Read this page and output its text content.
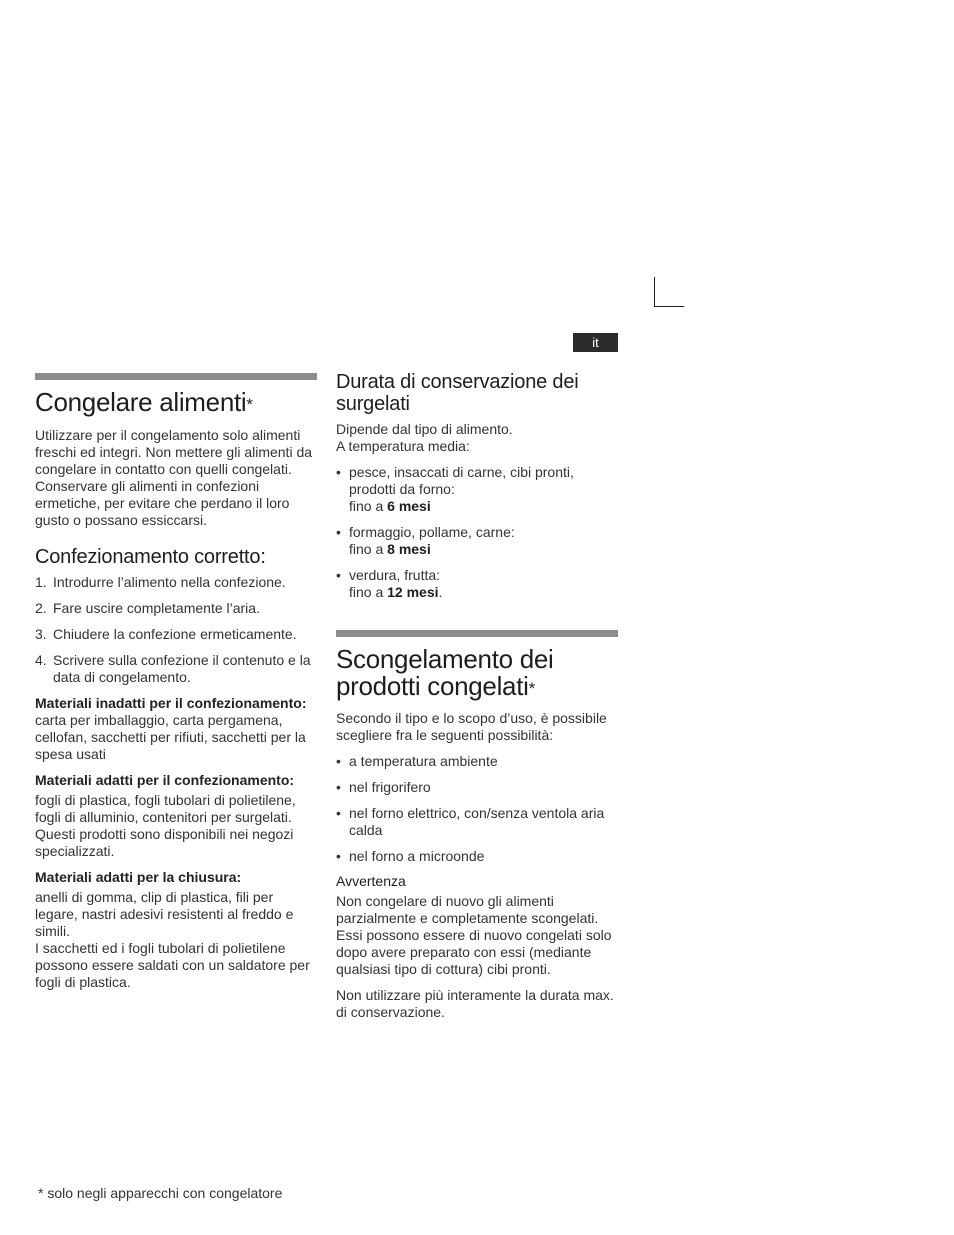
it
Congelare alimenti*

Utilizzare per il congelamento solo alimenti freschi ed integri. Non mettere gli alimenti da congelare in contatto con quelli congelati. Conservare gli alimenti in confezioni ermetiche, per evitare che perdano il loro gusto o possano essiccarsi.

Confezionamento corretto:
1. Introdurre l’alimento nella confezione.
2. Fare uscire completamente l’aria.
3. Chiudere la confezione ermeticamente.
4. Scrivere sulla confezione il contenuto e la data di congelamento.
Materiali inadatti per il confezionamento:

carta per imballaggio, carta pergamena, cellofan, sacchetti per rifiuti, sacchetti per la spesa usati

Materiali adatti per il confezionamento:

fogli di plastica, fogli tubolari di polietilene, fogli di alluminio, contenitori per surgelati. Questi prodotti sono disponibili nei negozi specializzati.

Materiali adatti per la chiusura:

anelli di gomma, clip di plastica, fili per legare, nastri adesivi resistenti al freddo e simili.

I sacchetti ed i fogli tubolari di polietilene possono essere saldati con un saldatore per fogli di plastica.

Durata di conservazione dei surgelati

Dipende dal tipo di alimento.

A temperatura media:

• pesce, insaccati di carne, cibi pronti, prodotti da forno:
fino a 6 mesi
• formaggio, pollame, carne:
fino a 8 mesi
• verdura, frutta:
fino a 12 mesi.
Scongelamento dei prodotti congelati*

Secondo il tipo e lo scopo d’uso, è possibile scegliere fra le seguenti possibilità:

• a temperatura ambiente
• nel frigorifero
• nel forno elettrico, con/senza ventola aria calda
• nel forno a microonde
Avvertenza

Non congelare di nuovo gli alimenti parzialmente e completamente scongelati. Essi possono essere di nuovo congelati solo dopo avere preparato con essi (mediante qualsiasi tipo di cottura) cibi pronti.

Non utilizzare più interamente la durata max. di conservazione.

* solo negli apparecchi con congelatore
